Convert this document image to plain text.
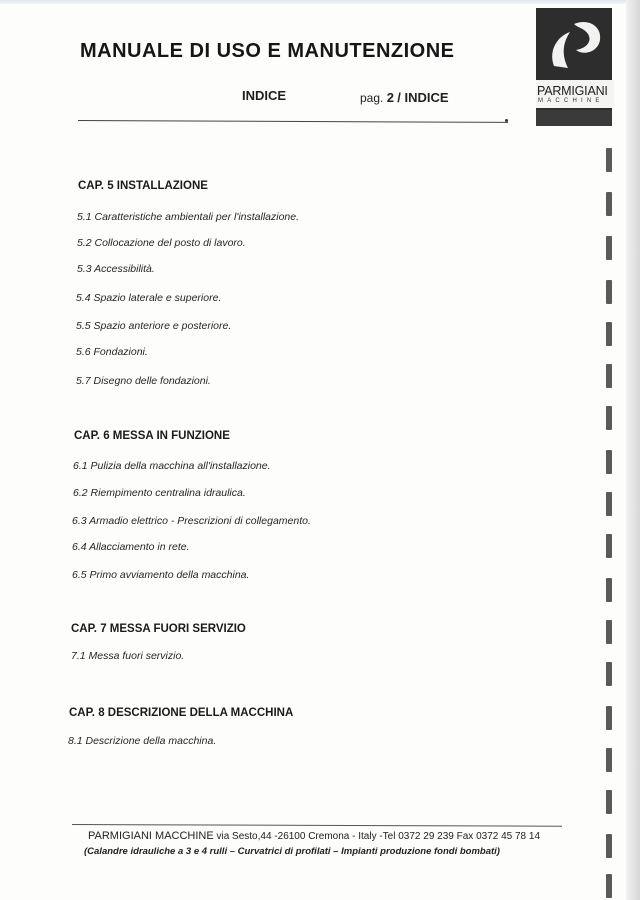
MANUALE DI USO E MANUTENZIONE
INDICE	pag. 2 / INDICE	PARMIGIANI
MACCHINE
CAP. 5 INSTALLAZIONE
5.1 Caratteristiche ambientali per l'installazione.
5.2 Collocazione del posto di lavoro.
5.3 Accessibilità.
5.4 Spazio laterale e superiore.
5.5 Spazio anteriore e posteriore.
5.6 Fondazioni.
5.7 Disegno delle fondazioni.
CAP. 6 MESSA IN FUNZIONE
6.1 Pulizia della macchina all'installazione.
6.2 Riempimento centralina idraulica.
6.3 Armadio elettrico - Prescrizioni di collegamento.
6.4 Allacciamento in rete.
6.5 Primo avviamento della macchina.
CAP. 7 MESSA FUORI SERVIZIO
7.1 Messa fuori servizio.
CAP. 8 DESCRIZIONE DELLA MACCHINA
8.1 Descrizione della macchina.
PARMIGIANI MACCHINE via Sesto,44 -26100 Cremona - Italy -Tel 0372 29 239 Fax 0372 45 78 14
(Calandre idrauliche a 3 e 4 rulli – Curvatrici di profilati – Impianti produzione fondi bombati)
